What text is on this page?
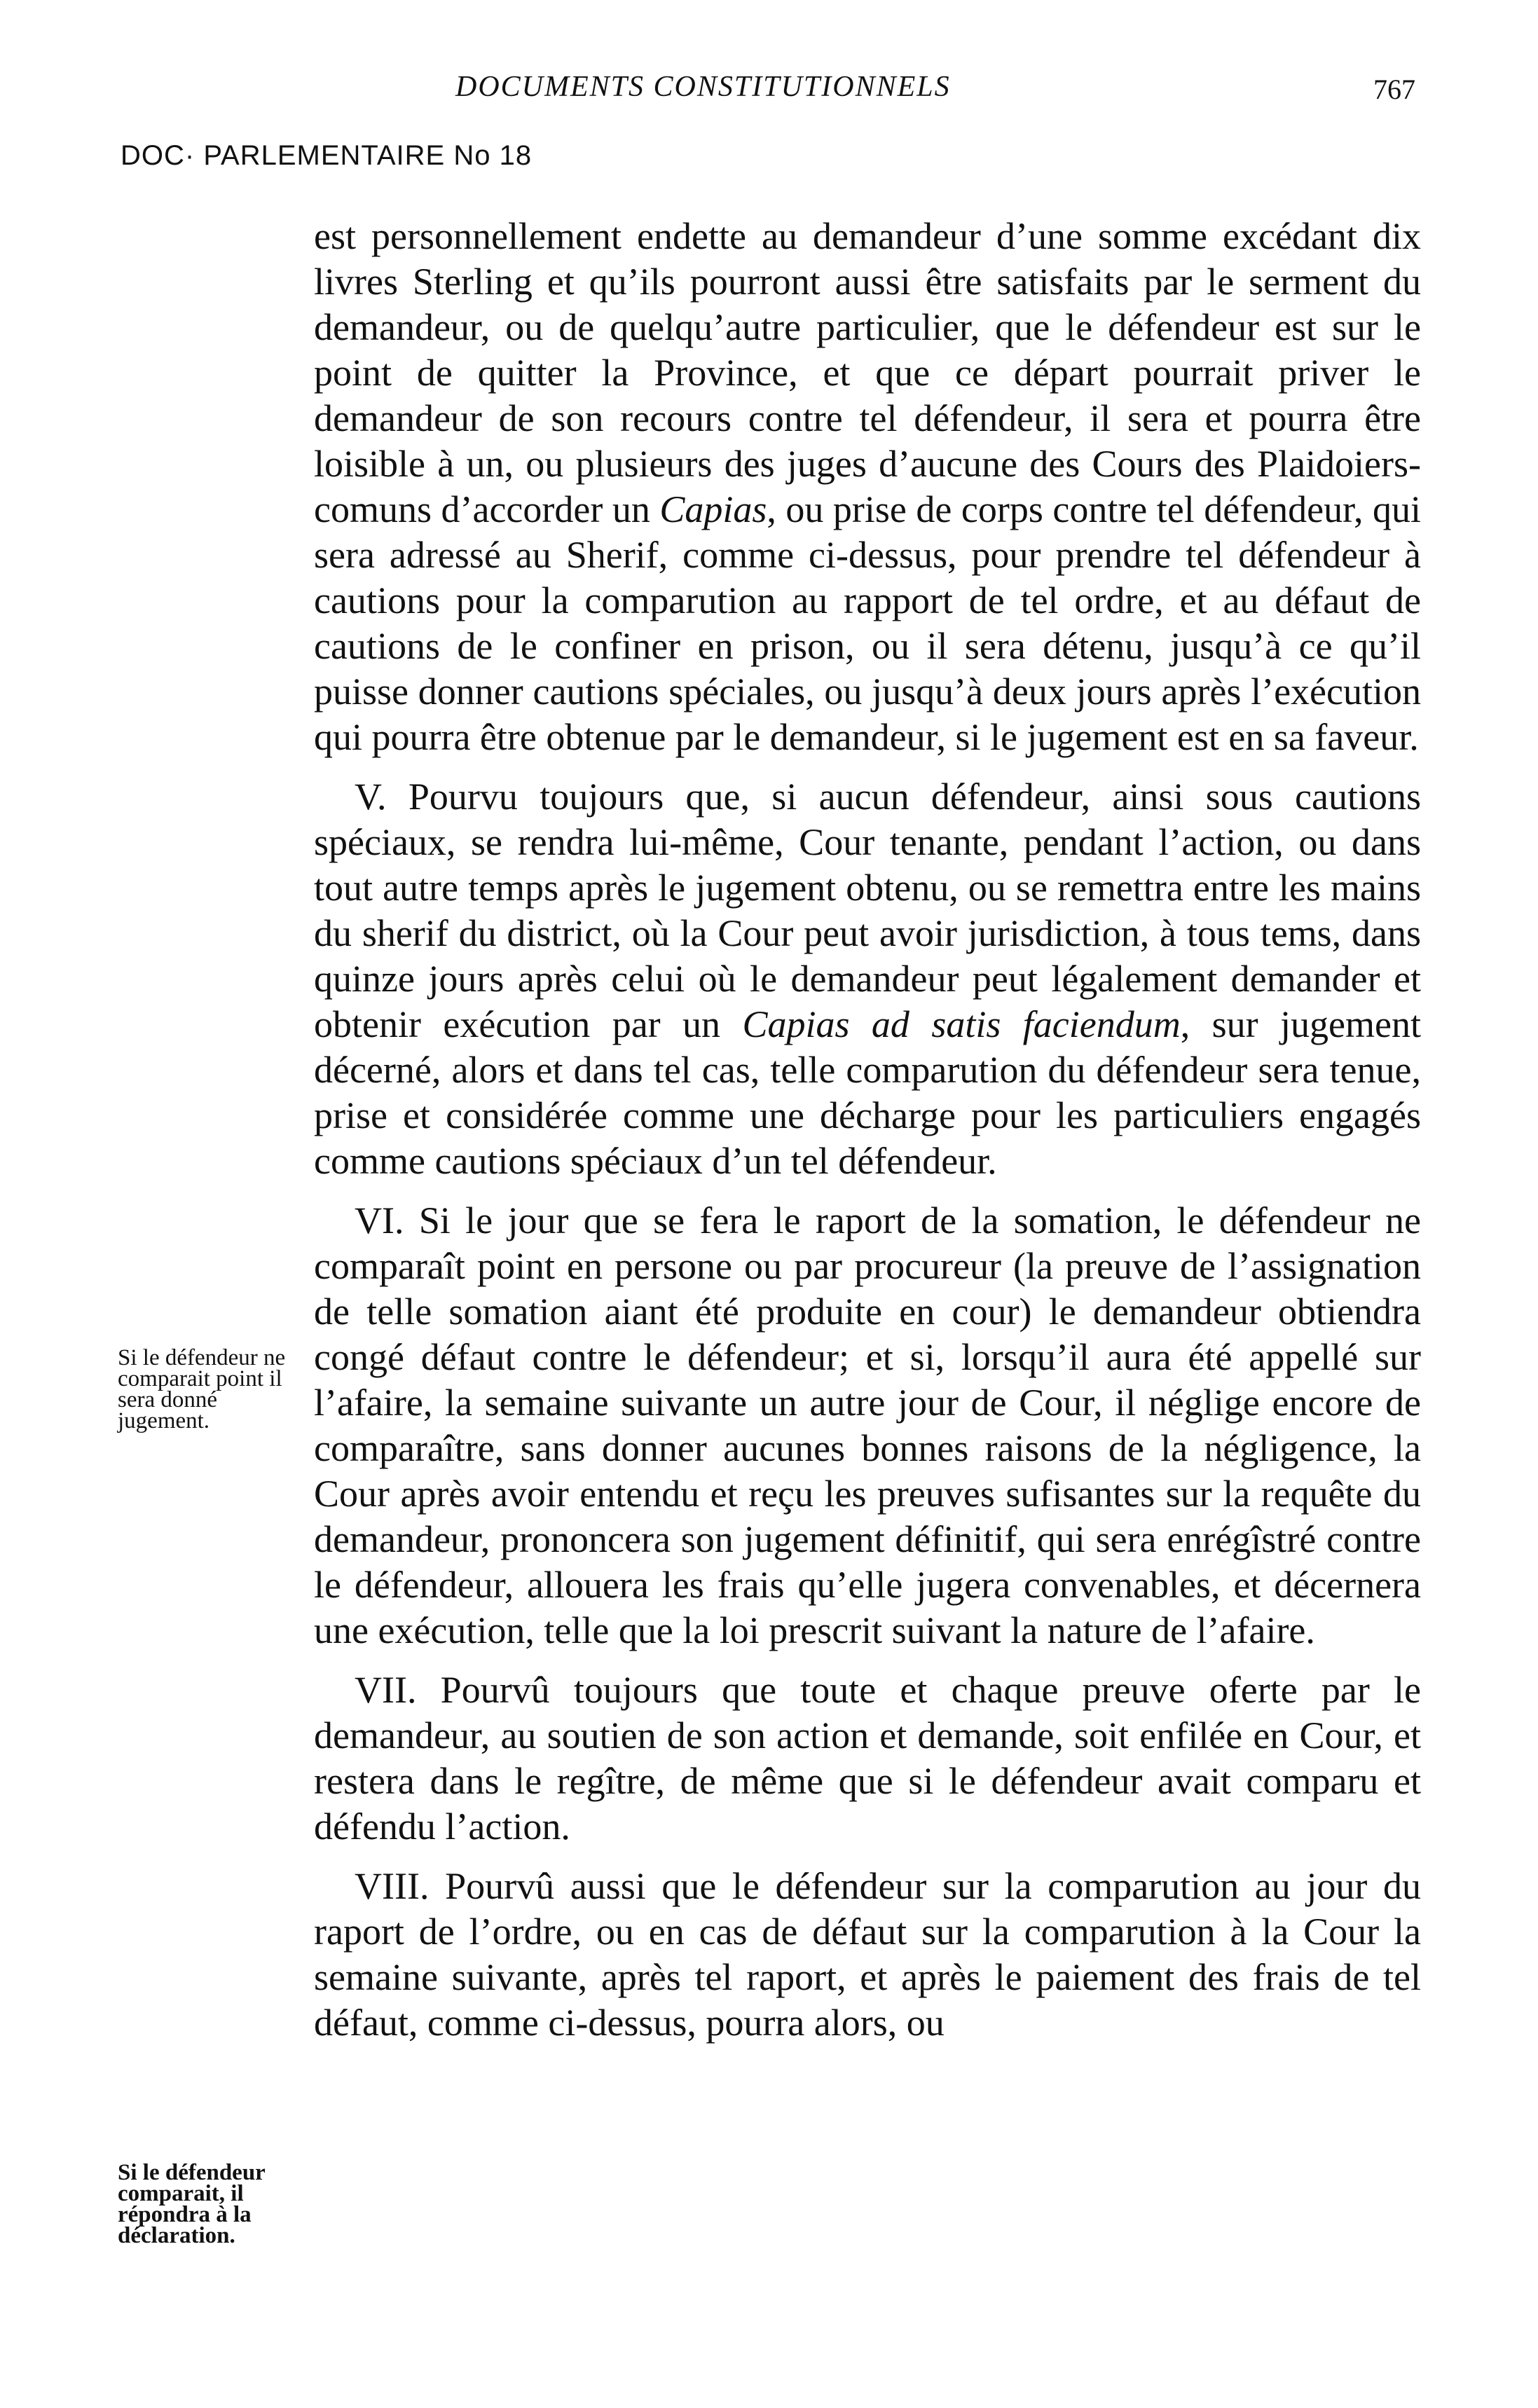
DOCUMENTS CONSTITUTIONNELS	767
DOC· PARLEMENTAIRE No 18

est personnellement endette au demandeur d’une somme excédant dix livres Sterling et qu’ils pourront aussi être satisfaits par le serment du demandeur, ou de quelqu’autre particulier, que le défendeur est sur le point de quitter la Province, et que ce départ pourrait priver le demandeur de son recours contre tel défendeur, il sera et pourra être loisible à un, ou plusieurs des juges d’aucune des Cours des Plaidoiers-comuns d’accorder un Capias, ou prise de corps contre tel défendeur, qui sera adressé au Sherif, comme ci-dessus, pour prendre tel défendeur à cautions pour la comparution au rapport de tel ordre, et au défaut de cautions de le confiner en prison, ou il sera détenu, jusqu’à ce qu’il puisse donner cautions spéciales, ou jusqu’à deux jours après l’exécution qui pourra être obtenue par le demandeur, si le jugement est en sa faveur.

V. Pourvu toujours que, si aucun défendeur, ainsi sous cautions spéciaux, se rendra lui-même, Cour tenante, pendant l’action, ou dans tout autre temps après le jugement obtenu, ou se remettra entre les mains du sherif du district, où la Cour peut avoir jurisdiction, à tous tems, dans quinze jours après celui où le demandeur peut légalement demander et obtenir exécution par un Capias ad satis faciendum, sur jugement décerné, alors et dans tel cas, telle comparution du défendeur sera tenue, prise et considérée comme une décharge pour les particuliers engagés comme cautions spéciaux d’un tel défendeur.

VI. Si le jour que se fera le raport de la somation, le défendeur ne comparaît point en persone ou par procureur (la preuve de l’assignation de telle somation aiant été produite en cour) le demandeur obtiendra congé défaut contre le défendeur; et si, lorsqu’il aura été appellé sur l’afaire, la semaine suivante un autre jour de Cour, il néglige encore de comparaître, sans donner aucunes bonnes raisons de la négligence, la Cour après avoir entendu et reçu les preuves sufisantes sur la requête du demandeur, prononcera son jugement définitif, qui sera enrégîstré contre le défendeur, allouera les frais qu’elle jugera convenables, et décernera une exécution, telle que la loi prescrit suivant la nature de l’afaire.

VII. Pourvû toujours que toute et chaque preuve oferte par le demandeur, au soutien de son action et demande, soit enfilée en Cour, et restera dans le regître, de même que si le défendeur avait comparu et défendu l’action.

VIII. Pourvû aussi que le défendeur sur la comparution au jour du raport de l’ordre, ou en cas de défaut sur la comparution à la Cour la semaine suivante, après tel raport, et après le paiement des frais de tel défaut, comme ci-dessus, pourra alors, ou

Si le défendeur ne comparait point il sera donné jugement.
Si le défendeur comparait, il répondra à la déclaration.
